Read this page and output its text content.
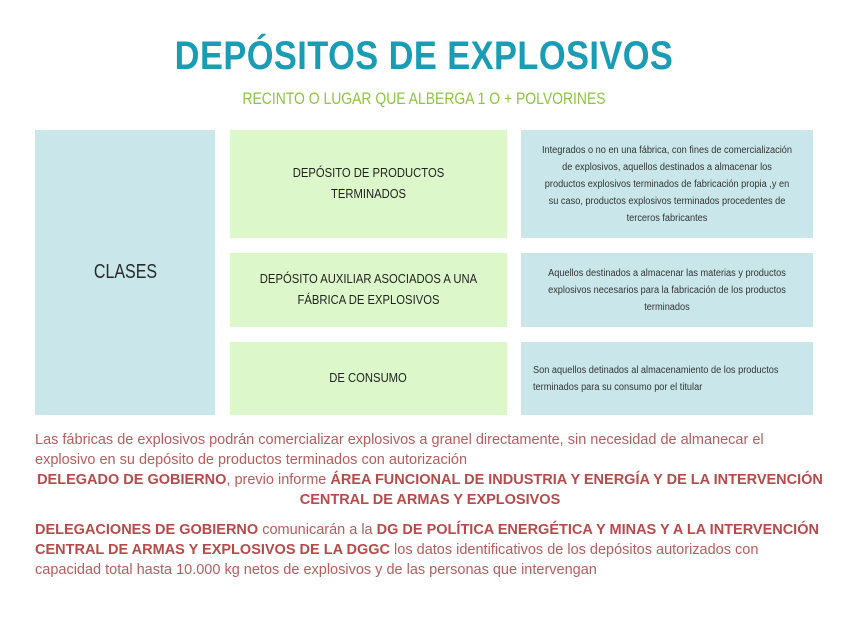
DEPÓSITOS DE EXPLOSIVOS
RECINTO O LUGAR QUE ALBERGA 1 O + POLVORINES
CLASES
DEPÓSITO DE PRODUCTOS TERMINADOS
Integrados o no en una fábrica, con fines de comercialización de explosivos, aquellos destinados a almacenar los productos explosivos terminados de fabricación propia ,y en su caso, productos explosivos terminados procedentes de terceros fabricantes
DEPÓSITO AUXILIAR ASOCIADOS A UNA FÁBRICA DE EXPLOSIVOS
Aquellos destinados a almacenar las materias y productos explosivos necesarios para la fabricación de los productos terminados
DE CONSUMO
Son aquellos detinados al almacenamiento de los productos terminados para su consumo por el titular
Las fábricas de explosivos podrán comercializar explosivos a granel directamente, sin necesidad de almanecar el explosivo en su depósito de productos terminados con autorización
DELEGADO DE GOBIERNO, previo informe ÁREA FUNCIONAL DE INDUSTRIA Y ENERGÍA Y DE LA INTERVENCIÓN CENTRAL DE ARMAS Y EXPLOSIVOS
DELEGACIONES DE GOBIERNO comunicarán a la DG DE POLÍTICA ENERGÉTICA Y MINAS Y A LA INTERVENCIÓN CENTRAL DE ARMAS Y EXPLOSIVOS DE LA DGGC los datos identificativos de los depósitos autorizados con capacidad total hasta 10.000 kg netos de explosivos y de las personas que intervengan
